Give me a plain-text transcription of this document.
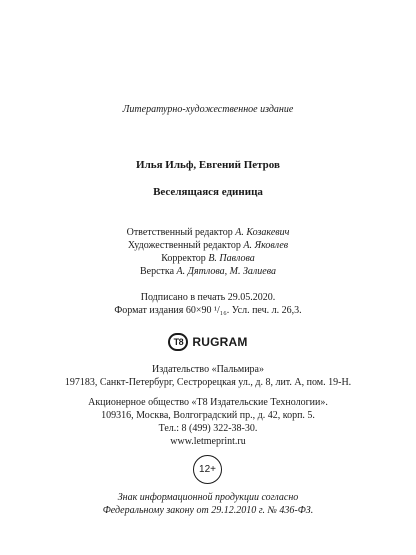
Литературно-художественное издание
Илья Ильф, Евгений Петров
Веселящаяся единица
Ответственный редактор А. Козакевич
Художественный редактор А. Яковлев
Корректор В. Павлова
Верстка А. Дятлова, М. Залиева
Подписано в печать 29.05.2020.
Формат издания 60×90 ¹/₁₆. Усл. печ. л. 26,3.
T8 RUGRAM
Издательство «Пальмира»
197183, Санкт-Петербург, Сестрорецкая ул., д. 8, лит. А, пом. 19-Н.
Акционерное общество «Т8 Издательские Технологии».
109316, Москва, Волгоградский пр., д. 42, корп. 5.
Тел.: 8 (499) 322-38-30.
www.letmeprint.ru
12+
Знак информационной продукции согласно
Федеральному закону от 29.12.2010 г. № 436-ФЗ.
